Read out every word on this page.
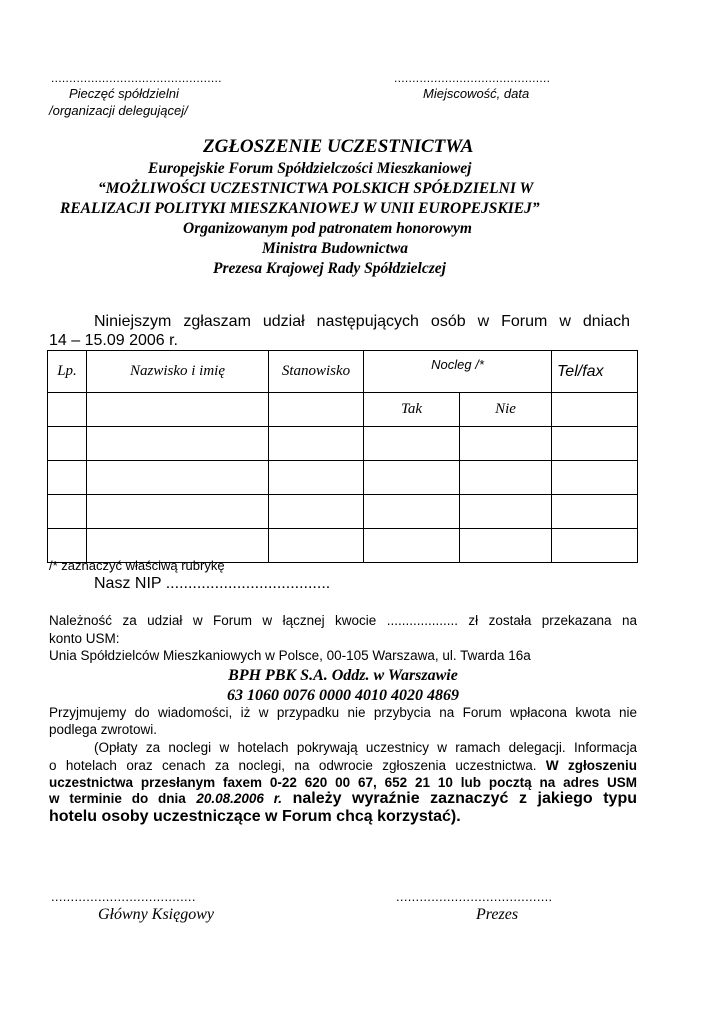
...............................................
Pieczęć spółdzielni
/organizacji delegującej/
...........................................
Miejscowość, data
ZGŁOSZENIE UCZESTNICTWA
Europejskie Forum Spółdzielczości Mieszkaniowej
“MOŻLIWOŚCI UCZESTNICTWA POLSKICH SPÓŁDZIELNI W
REALIZACJI POLITYKI MIESZKANIOWEJ W UNII EUROPEJSKIEJ”
Organizowanym pod patronatem honorowym
Ministra Budownictwa
Prezesa Krajowej Rady Spółdzielczej
Niniejszym zgłaszam udział następujących osób w Forum w dniach
14 – 15.09 2006 r.
Lp.	Nazwisko i imię	Stanowisko	Nocleg /*		Tel/fax
			Tak	Nie	

/* zaznaczyć właściwą rubrykę
Nasz NIP .....................................
Należność za udział w Forum w łącznej kwocie ................... zł została przekazana na
konto USM:
Unia Spółdzielców Mieszkaniowych w Polsce, 00-105 Warszawa, ul. Twarda 16a
BPH PBK S.A. Oddz. w Warszawie
63 1060 0076 0000 4010 4020 4869
Przyjmujemy do wiadomości, iż w przypadku nie przybycia na Forum wpłacona kwota nie
podlega zwrotowi.
(Opłaty za noclegi w hotelach pokrywają uczestnicy w ramach delegacji. Informacja
o hotelach oraz cenach za noclegi, na odwrocie zgłoszenia uczestnictwa. W zgłoszeniu
uczestnictwa przesłanym faxem 0-22 620 00 67, 652 21 10 lub pocztą na adres USM
w terminie do dnia 20.08.2006 r. należy wyraźnie zaznaczyć z jakiego typu
hotelu osoby uczestniczące w Forum chcą korzystać).
.....................................
Główny Księgowy
........................................
Prezes
